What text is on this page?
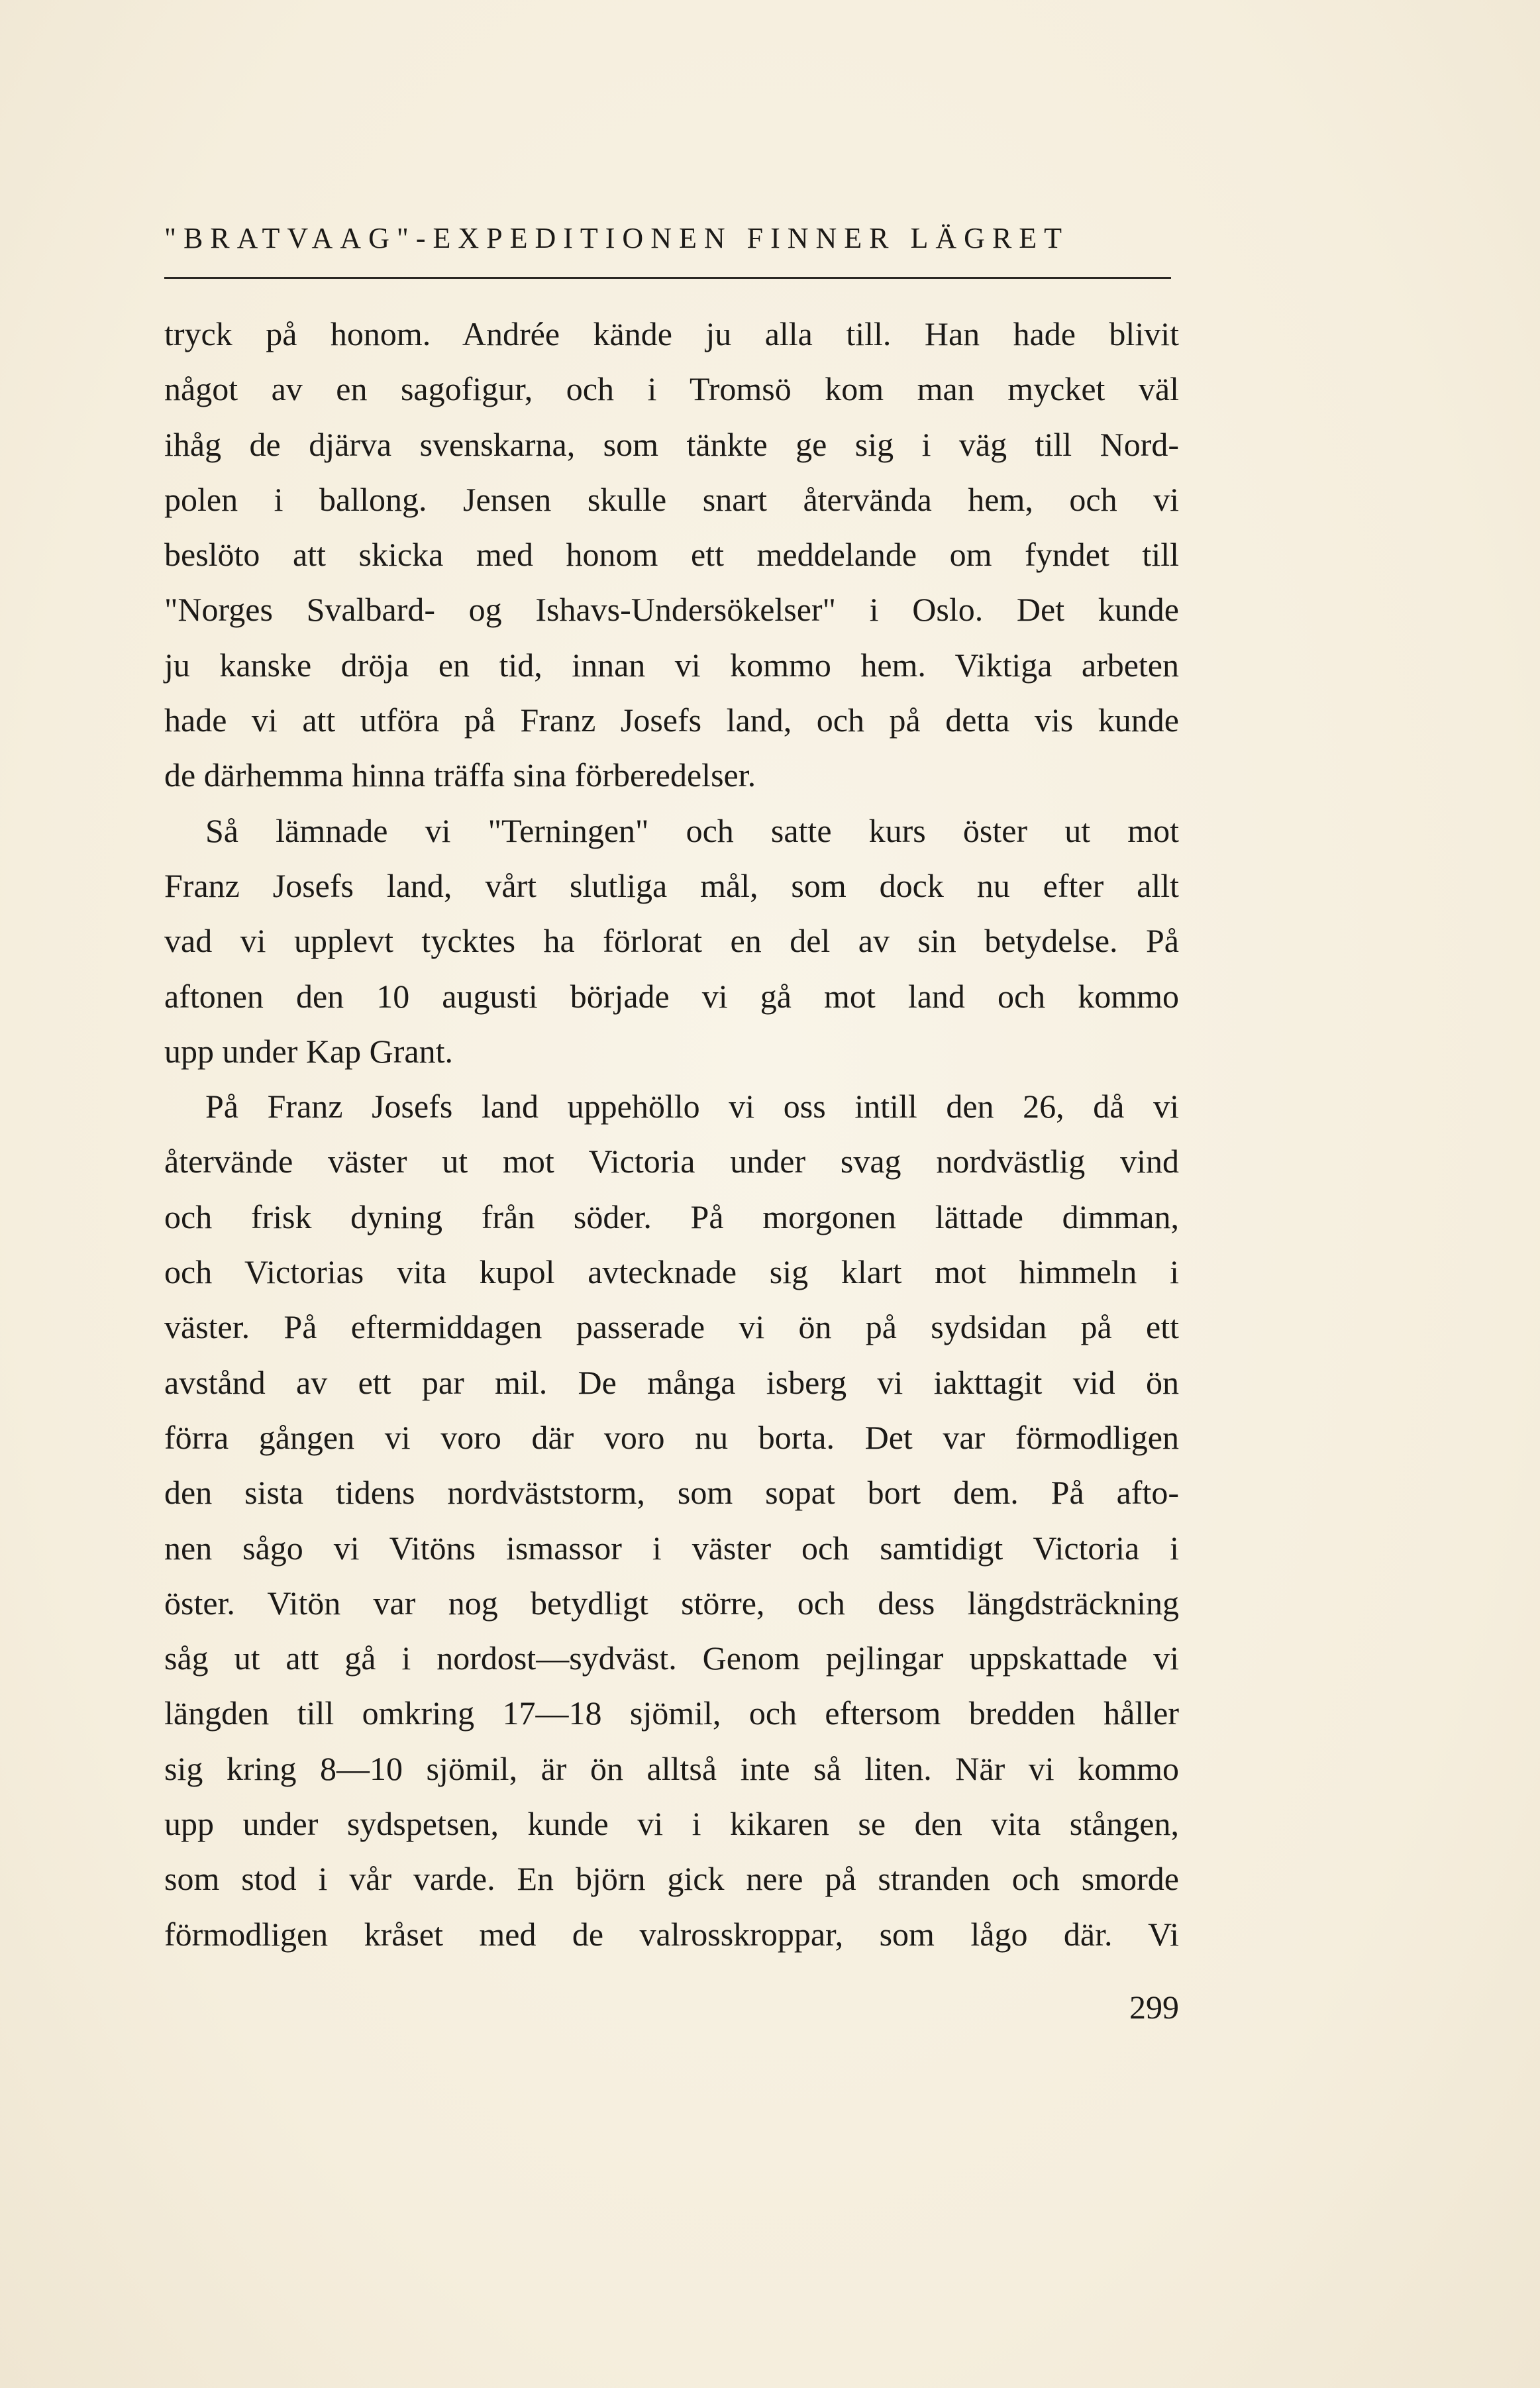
"BRATVAAG"-EXPEDITIONEN FINNER LÄGRET
tryck på honom. Andrée kände ju alla till. Han hade blivit
något av en sagofigur, och i Tromsö kom man mycket väl
ihåg de djärva svenskarna, som tänkte ge sig i väg till Nord-
polen i ballong. Jensen skulle snart återvända hem, och vi
beslöto att skicka med honom ett meddelande om fyndet till
"Norges Svalbard- og Ishavs-Undersökelser" i Oslo. Det kunde
ju kanske dröja en tid, innan vi kommo hem. Viktiga arbeten
hade vi att utföra på Franz Josefs land, och på detta vis kunde
de därhemma hinna träffa sina förberedelser.
Så lämnade vi "Terningen" och satte kurs öster ut mot
Franz Josefs land, vårt slutliga mål, som dock nu efter allt
vad vi upplevt tycktes ha förlorat en del av sin betydelse. På
aftonen den 10 augusti började vi gå mot land och kommo
upp under Kap Grant.
På Franz Josefs land uppehöllo vi oss intill den 26, då vi
återvände väster ut mot Victoria under svag nordvästlig vind
och frisk dyning från söder. På morgonen lättade dimman,
och Victorias vita kupol avtecknade sig klart mot himmeln i
väster. På eftermiddagen passerade vi ön på sydsidan på ett
avstånd av ett par mil. De många isberg vi iakttagit vid ön
förra gången vi voro där voro nu borta. Det var förmodligen
den sista tidens nordväststorm, som sopat bort dem. På afto-
nen sågo vi Vitöns ismassor i väster och samtidigt Victoria i
öster. Vitön var nog betydligt större, och dess längdsträckning
såg ut att gå i nordost—sydväst. Genom pejlingar uppskattade vi
längden till omkring 17—18 sjömil, och eftersom bredden håller
sig kring 8—10 sjömil, är ön alltså inte så liten. När vi kommo
upp under sydspetsen, kunde vi i kikaren se den vita stången,
som stod i vår varde. En björn gick nere på stranden och smorde
förmodligen kråset med de valrosskroppar, som lågo där. Vi
299
